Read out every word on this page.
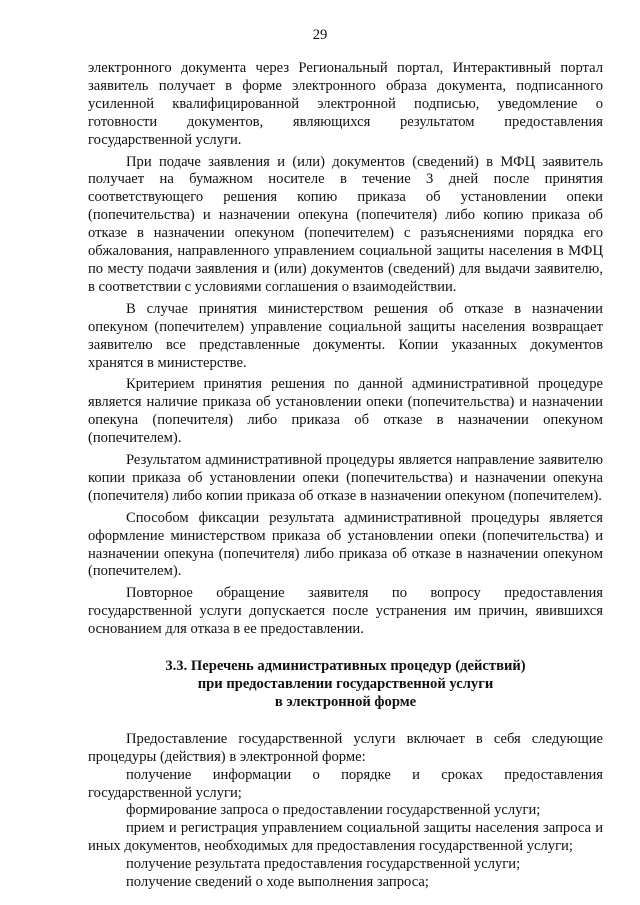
29

электронного документа через Региональный портал, Интерактивный портал заявитель получает в форме электронного образа документа, подписанного усиленной квалифицированной электронной подписью, уведомление о готовности документов, являющихся результатом предоставления государственной услуги.

При подаче заявления и (или) документов (сведений) в МФЦ заявитель получает на бумажном носителе в течение 3 дней после принятия соответствующего решения копию приказа об установлении опеки (попечительства) и назначении опекуна (попечителя) либо копию приказа об отказе в назначении опекуном (попечителем) с разъяснениями порядка его обжалования, направленного управлением социальной защиты населения в МФЦ по месту подачи заявления и (или) документов (сведений) для выдачи заявителю, в соответствии с условиями соглашения о взаимодействии.

В случае принятия министерством решения об отказе в назначении опекуном (попечителем) управление социальной защиты населения возвращает заявителю все представленные документы. Копии указанных документов хранятся в министерстве.

Критерием принятия решения по данной административной процедуре является наличие приказа об установлении опеки (попечительства) и назначении опекуна (попечителя) либо приказа об отказе в назначении опекуном (попечителем).

Результатом административной процедуры является направление заявителю копии приказа об установлении опеки (попечительства) и назначении опекуна (попечителя) либо копии приказа об отказе в назначении опекуном (попечителем).

Способом фиксации результата административной процедуры является оформление министерством приказа об установлении опеки (попечительства) и назначении опекуна (попечителя) либо приказа об отказе в назначении опекуном (попечителем).

Повторное обращение заявителя по вопросу предоставления государственной услуги допускается после устранения им причин, явившихся основанием для отказа в ее предоставлении.

3.3. Перечень административных процедур (действий)
при предоставлении государственной услуги
в электронной форме

Предоставление государственной услуги включает в себя следующие процедуры (действия) в электронной форме:

получение информации о порядке и сроках предоставления государственной услуги;

формирование запроса о предоставлении государственной услуги;

прием и регистрация управлением социальной защиты населения запроса и иных документов, необходимых для предоставления государственной услуги;

получение результата предоставления государственной услуги;

получение сведений о ходе выполнения запроса;
